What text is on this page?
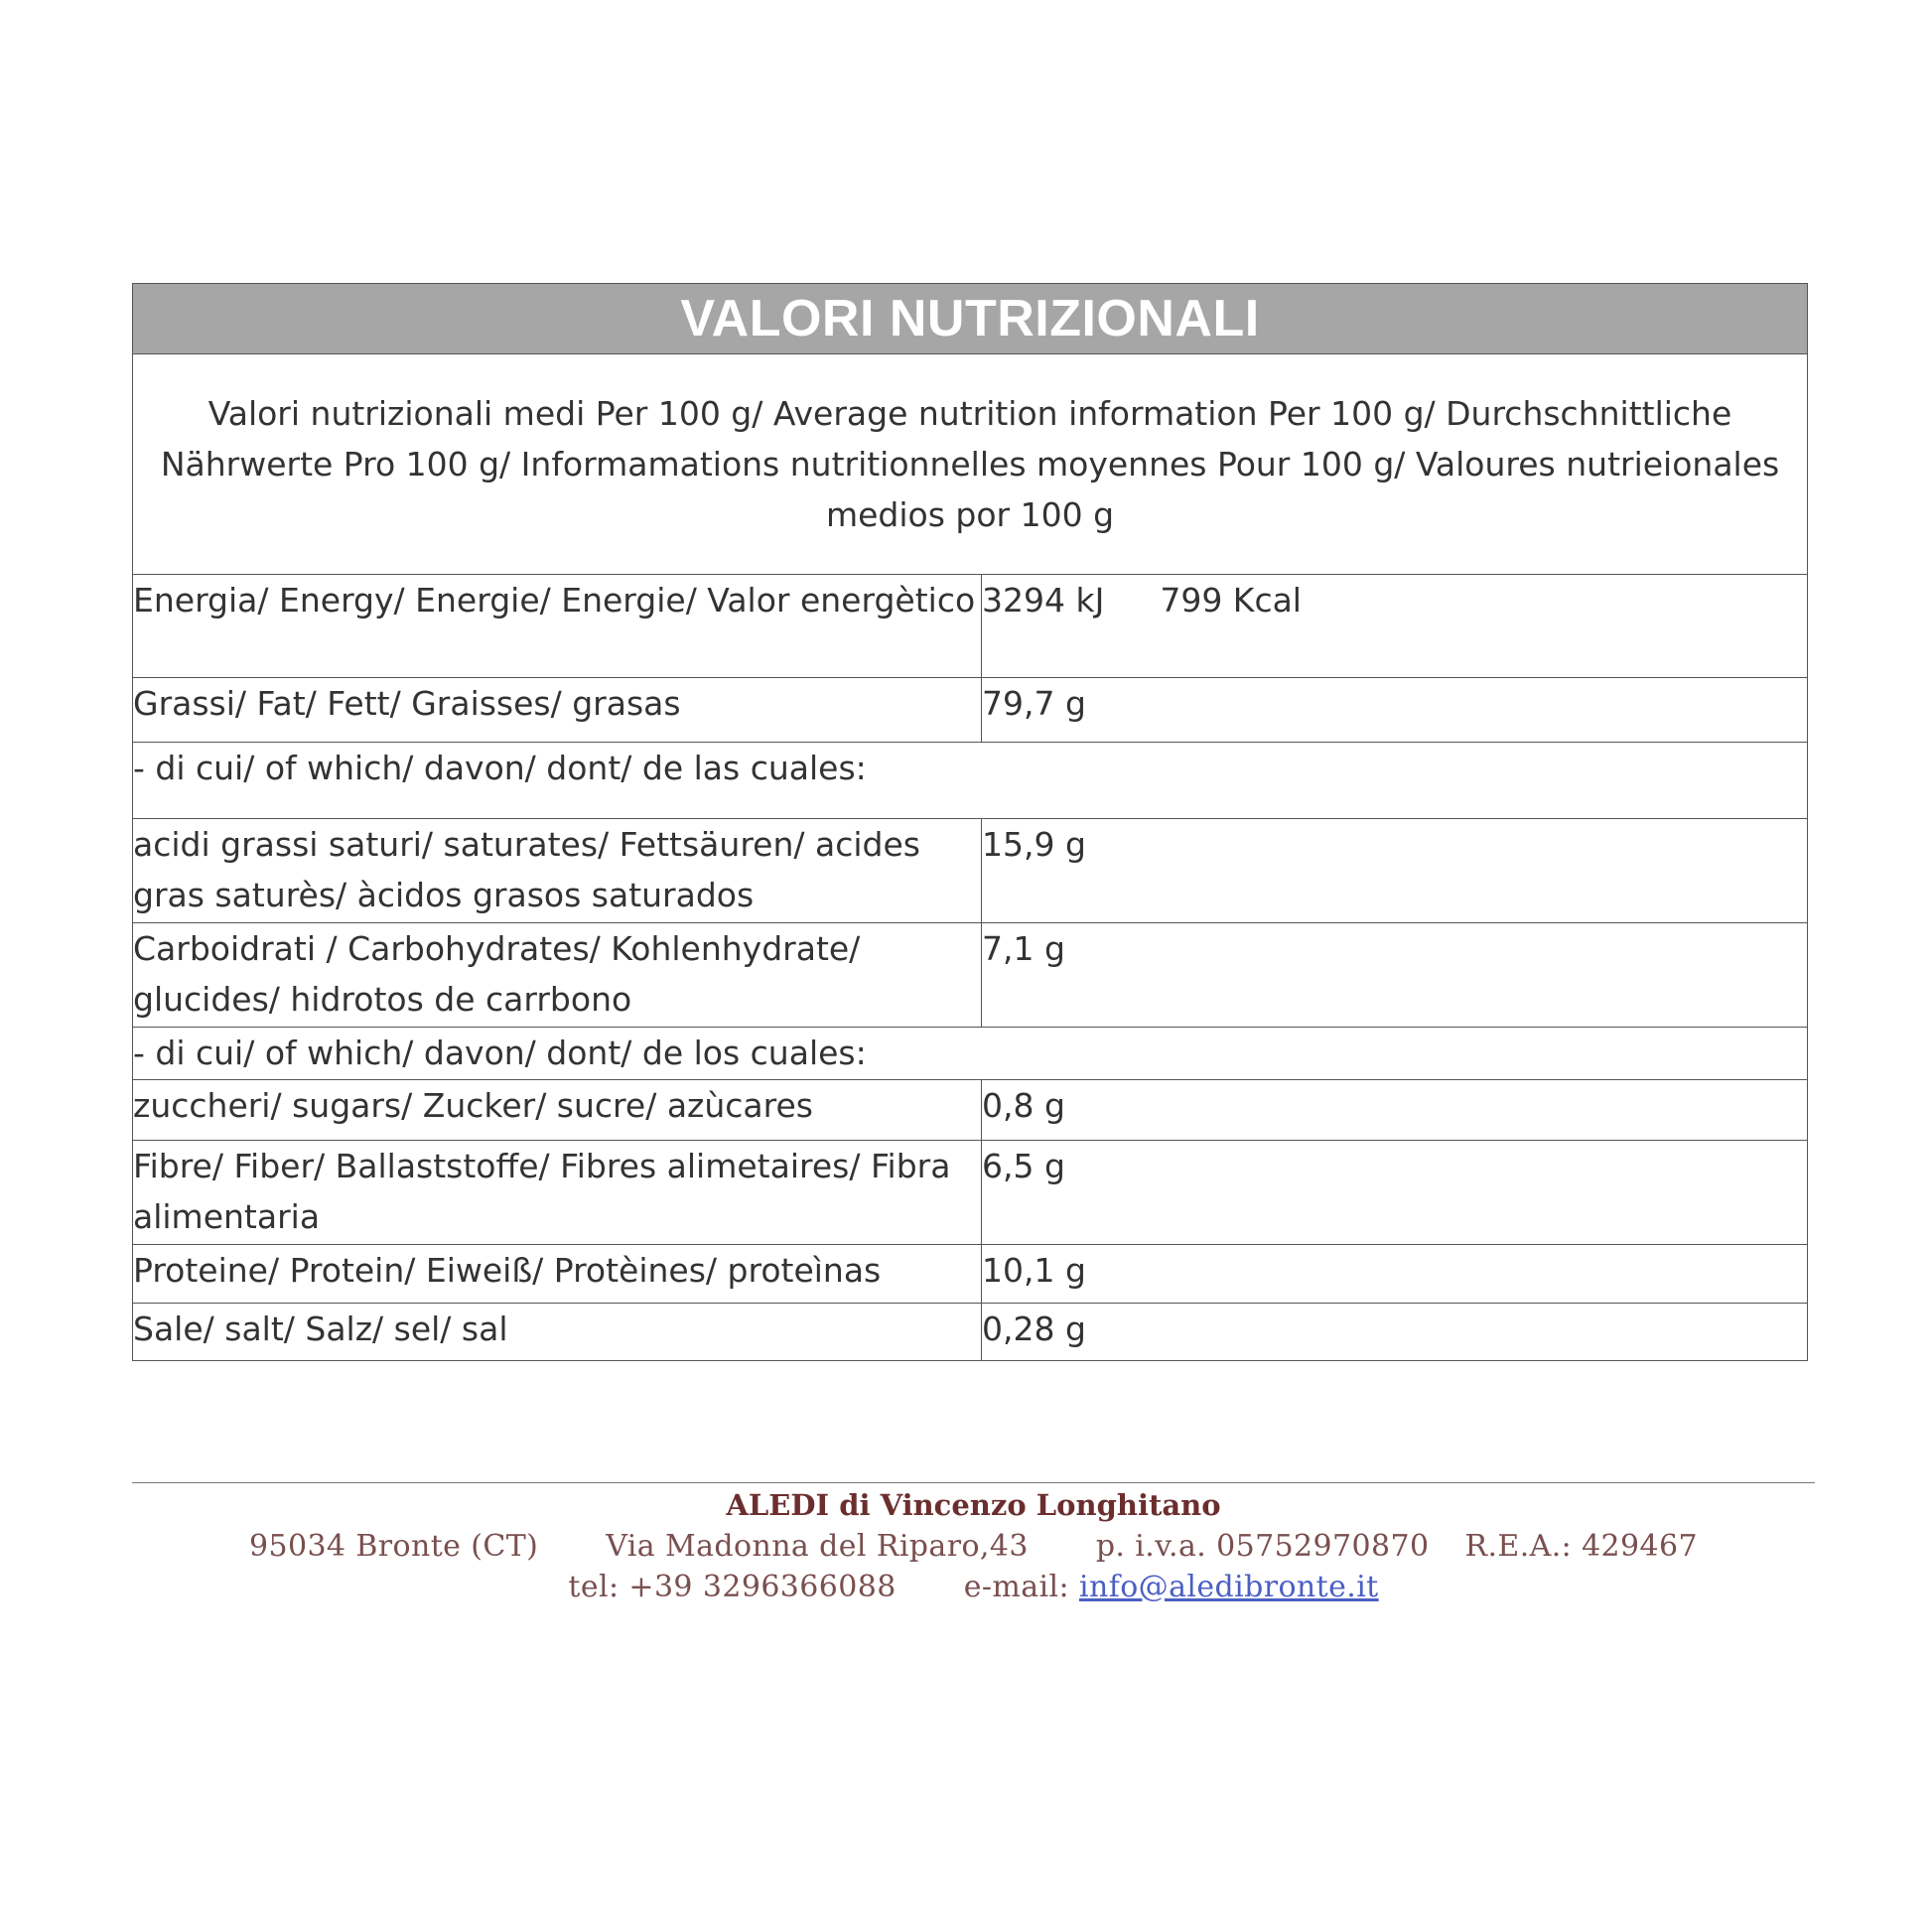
VALORI NUTRIZIONALI	
Valori nutrizionali medi Per 100 g/ Average nutrition information Per 100 g/ Durchschnittliche Nährwerte Pro 100 g/ Informamations nutritionnelles moyennes Pour 100 g/ Valoures nutrieionales medios por 100 g	
Energia/ Energy/ Energie/ Energie/ Valor energètico	3294 kJ 799 Kcal
Grassi/ Fat/ Fett/ Graisses/ grasas	79,7 g
- di cui/ of which/ davon/ dont/ de las cuales:	
acidi grassi saturi/ saturates/ Fettsäuren/ acides gras saturès/ àcidos grasos saturados	15,9 g
Carboidrati / Carbohydrates/ Kohlenhydrate/ glucides/ hidrotos de carrbono	7,1 g
- di cui/ of which/ davon/ dont/ de los cuales:	
zuccheri/ sugars/ Zucker/ sucre/ azùcares	0,8 g
Fibre/ Fiber/ Ballaststoffe/ Fibres alimetaires/ Fibra alimentaria	6,5 g
Proteine/ Protein/ Eiweiß/ Protèines/ proteìnas	10,1 g
Sale/ salt/ Salz/ sel/ sal	0,28 g
ALEDI di Vincenzo Longhitano
95034 Bronte (CT) Via Madonna del Riparo,43 p. i.v.a. 05752970870 R.E.A.: 429467
tel: +39 3296366088 e-mail: info@aledibronte.it
